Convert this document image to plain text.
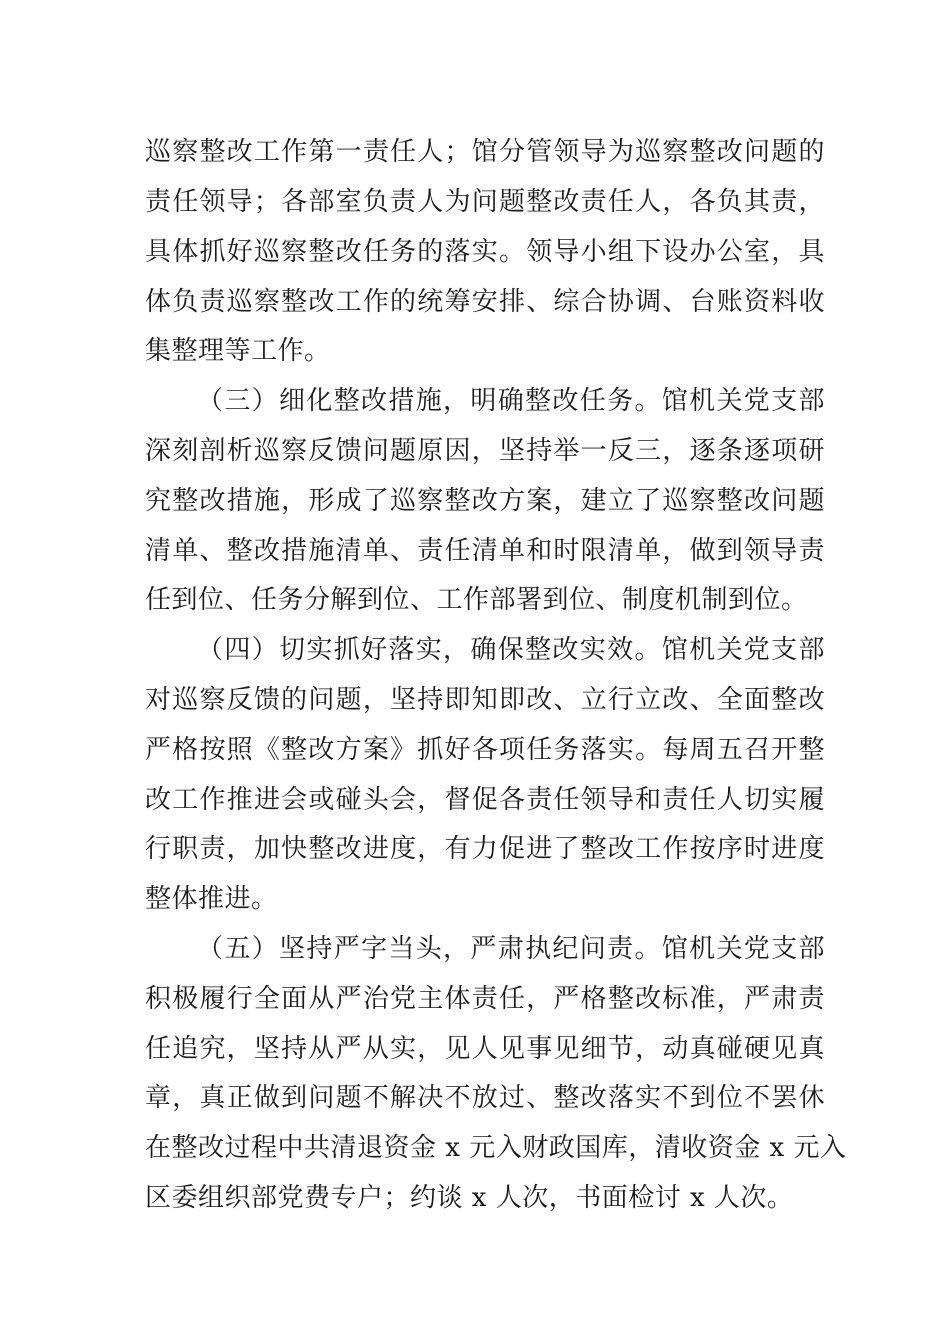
巡察整改工作第一责任人；馆分管领导为巡察整改问题的
责任领导；各部室负责人为问题整改责任人，各负其责，
具体抓好巡察整改任务的落实。领导小组下设办公室，具
体负责巡察整改工作的统筹安排、综合协调、台账资料收
集整理等工作。
（三）细化整改措施，明确整改任务。馆机关党支部
深刻剖析巡察反馈问题原因，坚持举一反三，逐条逐项研
究整改措施，形成了巡察整改方案，建立了巡察整改问题
清单、整改措施清单、责任清单和时限清单，做到领导责
任到位、任务分解到位、工作部署到位、制度机制到位。
（四）切实抓好落实，确保整改实效。馆机关党支部
对巡察反馈的问题，坚持即知即改、立行立改、全面整改
严格按照《整改方案》抓好各项任务落实。每周五召开整
改工作推进会或碰头会，督促各责任领导和责任人切实履
行职责，加快整改进度，有力促进了整改工作按序时进度
整体推进。
（五）坚持严字当头，严肃执纪问责。馆机关党支部
积极履行全面从严治党主体责任，严格整改标准，严肃责
任追究，坚持从严从实，见人见事见细节，动真碰硬见真
章，真正做到问题不解决不放过、整改落实不到位不罢休
在整改过程中共清退资金 x 元入财政国库，清收资金 x 元入
区委组织部党费专户；约谈 x 人次，书面检讨 x 人次。
